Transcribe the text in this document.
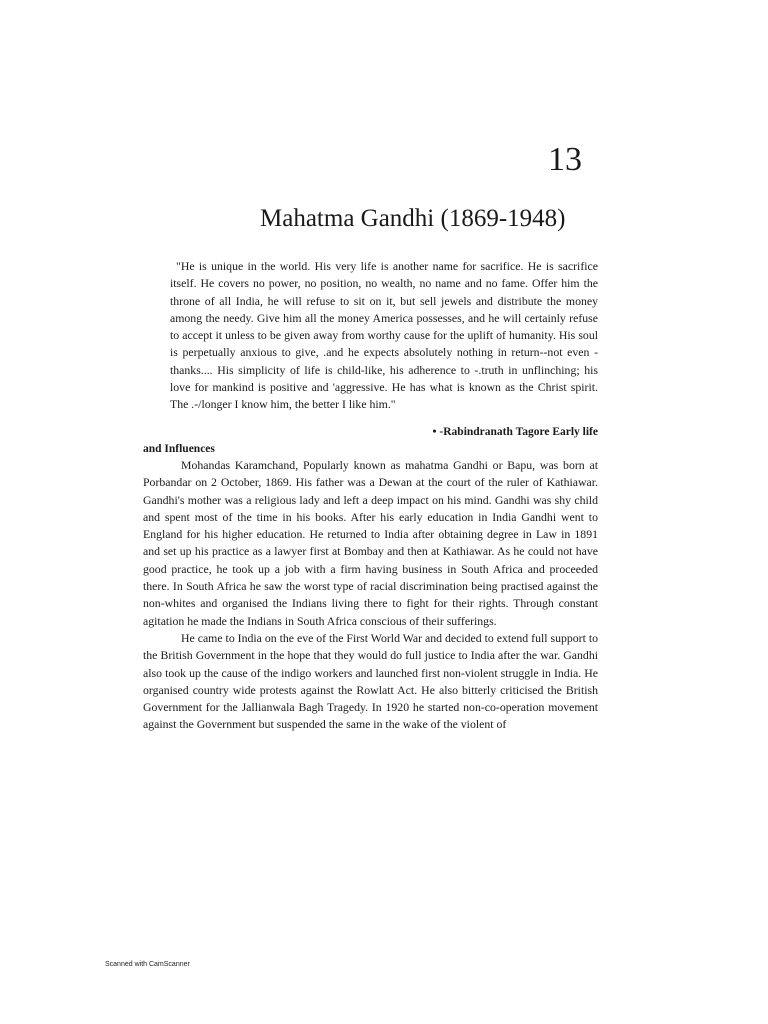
13
Mahatma Gandhi (1869-1948)

"He is unique in the world. His very life is another name for sacrifice. He is sacrifice itself. He covers no power, no position, no wealth, no name and no fame. Offer him the throne of all India, he will refuse to sit on it, but sell jewels and distribute the money among the needy. Give him all the money America possesses, and he will certainly refuse to accept it unless to be given away from worthy cause for the uplift of humanity. His soul is perpetually anxious to give, .and he expects absolutely nothing in return--not even -thanks.... His simplicity of life is child-like, his adherence to -.truth in unflinching; his love for mankind is positive and 'aggressive. He has what is known as the Christ spirit. The .-/longer I know him, the better I like him."

• -Rabindranath Tagore Early life

and Influences

Mohandas Karamchand, Popularly known as mahatma Gandhi or Bapu, was born at Porbandar on 2 October, 1869. His father was a Dewan at the court of the ruler of Kathiawar. Gandhi's mother was a religious lady and left a deep impact on his mind. Gandhi was shy child and spent most of the time in his books. After his early education in India Gandhi went to England for his higher education. He returned to India after obtaining degree in Law in 1891 and set up his practice as a lawyer first at Bombay and then at Kathiawar. As he could not have good practice, he took up a job with a firm having business in South Africa and proceeded there. In South Africa he saw the worst type of racial discrimination being practised against the non-whites and organised the Indians living there to fight for their rights. Through constant agitation he made the Indians in South Africa conscious of their sufferings.

He came to India on the eve of the First World War and decided to extend full support to the British Government in the hope that they would do full justice to India after the war. Gandhi also took up the cause of the indigo workers and launched first non-violent struggle in India. He organised country wide protests against the Rowlatt Act. He also bitterly criticised the British Government for the Jallianwala Bagh Tragedy. In 1920 he started non-co-operation movement against the Government but suspended the same in the wake of the violent of

Scanned with CamScanner
